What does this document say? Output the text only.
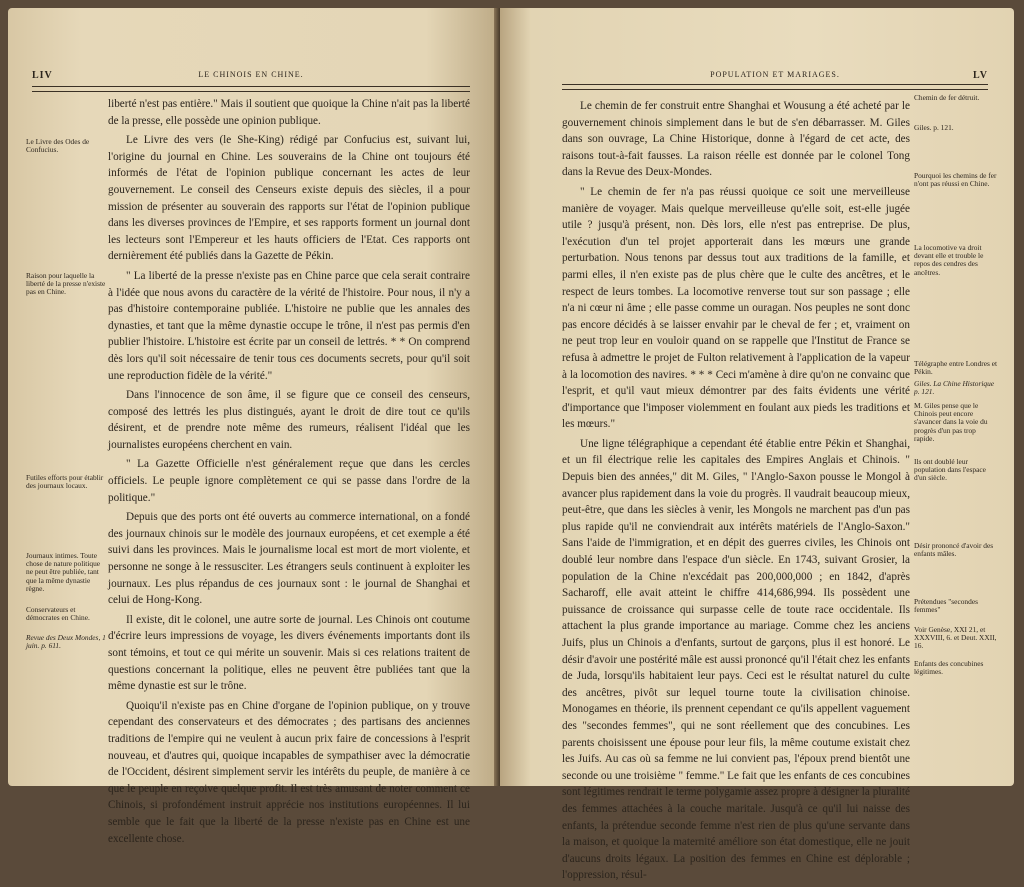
LIV	LE CHINOIS EN CHINE.
Le Livre des Odes de Confucius.
Raison pour laquelle la liberté de la presse n'existe pas en Chine.
Futiles efforts pour établir des journaux locaux.
Journaux intimes. Toute chose de nature politique ne peut être publiée, tant que la même dynastie règne.
Conservateurs et démocrates en Chine.
Revue des Deux Mondes, 1 juin. p. 611.

liberté n'est pas entière." Mais il soutient que quoique la Chine n'ait pas la liberté de la presse, elle possède une opinion publique.

Le Livre des vers (le She-King) rédigé par Confucius est, suivant lui, l'origine du journal en Chine. Les souverains de la Chine ont toujours été informés de l'état de l'opinion publique concernant les actes de leur gouvernement. Le conseil des Censeurs existe depuis des siècles, il a pour mission de présenter au souverain des rapports sur l'état de l'opinion publique dans les diverses provinces de l'Empire, et ses rapports forment un journal dont les lecteurs sont l'Empereur et les hauts officiers de l'Etat. Ces rapports ont dernièrement été publiés dans la Gazette de Pékin.

" La liberté de la presse n'existe pas en Chine parce que cela serait contraire à l'idée que nous avons du caractère de la vérité de l'histoire. Pour nous, il n'y a pas d'histoire contemporaine publiée. L'histoire ne publie que les annales des dynasties, et tant que la même dynastie occupe le trône, il n'est pas permis d'en publier l'histoire. L'histoire est écrite par un conseil de lettrés. * * On comprend dès lors qu'il soit nécessaire de tenir tous ces documents secrets, pour qu'il soit une reproduction fidèle de la vérité."

Dans l'innocence de son âme, il se figure que ce conseil des censeurs, composé des lettrés les plus distingués, ayant le droit de dire tout ce qu'ils désirent, et de prendre note même des rumeurs, réalisent l'idéal que les journalistes européens cherchent en vain.

" La Gazette Officielle n'est généralement reçue que dans les cercles officiels. Le peuple ignore complètement ce qui se passe dans l'ordre de la politique."

Depuis que des ports ont été ouverts au commerce international, on a fondé des journaux chinois sur le modèle des journaux européens, et cet exemple a été suivi dans les provinces. Mais le journalisme local est mort de mort violente, et personne ne songe à le ressusciter. Les étrangers seuls continuent à exploiter les journaux. Les plus répandus de ces journaux sont : le journal de Shanghai et celui de Hong-Kong.

Il existe, dit le colonel, une autre sorte de journal. Les Chinois ont coutume d'écrire leurs impressions de voyage, les divers événements importants dont ils sont témoins, et tout ce qui mérite un souvenir. Mais si ces relations traitent de questions concernant la politique, elles ne peuvent être publiées tant que la même dynastie est sur le trône.

Quoiqu'il n'existe pas en Chine d'organe de l'opinion publique, on y trouve cependant des conservateurs et des démocrates ; des partisans des anciennes traditions de l'empire qui ne veulent à aucun prix faire de concessions à l'esprit nouveau, et d'autres qui, quoique incapables de sympathiser avec la démocratie de l'Occident, désirent simplement servir les intérêts du peuple, de manière à ce que le peuple en reçoive quelque profit. Il est très amusant de noter comment ce Chinois, si profondément instruit apprécie nos institutions européennes. Il lui semble que le fait que la liberté de la presse n'existe pas en Chine est une excellente chose.

POPULATION ET MARIAGES.	LV
Chemin de fer détruit.
Giles. p. 121.
Pourquoi les chemins de fer n'ont pas réussi en Chine.
La locomotive va droit devant elle et trouble le repos des cendres des ancêtres.
Télégraphe entre Londres et Pékin.
Giles. La Chine Historique p. 121.
M. Giles pense que le Chinois peut encore s'avancer dans la voie du progrès d'un pas trop rapide.
Ils ont doublé leur population dans l'espace d'un siècle.
Désir prononcé d'avoir des enfants mâles.
Prétendues "secondes femmes"
Voir Genèse, XXI 21, et XXXVIII, 6. et Deut. XXII, 16.
Enfants des concubines légitimes.

Le chemin de fer construit entre Shanghai et Wousung a été acheté par le gouvernement chinois simplement dans le but de s'en débarrasser. M. Giles dans son ouvrage, La Chine Historique, donne à l'égard de cet acte, des raisons tout-à-fait fausses. La raison réelle est donnée par le colonel Tong dans la Revue des Deux-Mondes.

" Le chemin de fer n'a pas réussi quoique ce soit une merveilleuse manière de voyager. Mais quelque merveilleuse qu'elle soit, est-elle jugée utile ? jusqu'à présent, non. Dès lors, elle n'est pas entreprise. De plus, l'exécution d'un tel projet apporterait dans les mœurs une grande perturbation. Nous tenons par dessus tout aux traditions de la famille, et parmi elles, il n'en existe pas de plus chère que le culte des ancêtres, et le respect de leurs tombes. La locomotive renverse tout sur son passage ; elle n'a ni cœur ni âme ; elle passe comme un ouragan. Nos peuples ne sont donc pas encore décidés à se laisser envahir par le cheval de fer ; et, vraiment on ne peut trop leur en vouloir quand on se rappelle que l'Institut de France se refusa à admettre le projet de Fulton relativement à l'application de la vapeur à la locomotion des navires. * * * Ceci m'amène à dire qu'on ne convainc que l'esprit, et qu'il vaut mieux démontrer par des faits évidents une vérité d'importance que l'imposer violemment en foulant aux pieds les traditions et les mœurs."

Une ligne télégraphique a cependant été établie entre Pékin et Shanghai, et un fil électrique relie les capitales des Empires Anglais et Chinois. " Depuis bien des années," dit M. Giles, " l'Anglo-Saxon pousse le Mongol à avancer plus rapidement dans la voie du progrès. Il vaudrait beaucoup mieux, peut-être, que dans les siècles à venir, les Mongols ne marchent pas d'un pas plus rapide qu'il ne conviendrait aux intérêts matériels de l'Anglo-Saxon." Sans l'aide de l'immigration, et en dépit des guerres civiles, les Chinois ont doublé leur nombre dans l'espace d'un siècle. En 1743, suivant Grosier, la population de la Chine n'excédait pas 200,000,000 ; en 1842, d'après Sacharoff, elle avait atteint le chiffre 414,686,994. Ils possèdent une puissance de croissance qui surpasse celle de toute race occidentale. Ils attachent la plus grande importance au mariage. Comme chez les anciens Juifs, plus un Chinois a d'enfants, surtout de garçons, plus il est honoré. Le désir d'avoir une postérité mâle est aussi prononcé qu'il l'était chez les enfants de Juda, lorsqu'ils habitaient leur pays. Ceci est le résultat naturel du culte des ancêtres, pivôt sur lequel tourne toute la civilisation chinoise. Monogames en théorie, ils prennent cependant ce qu'ils appellent vaguement des "secondes femmes", qui ne sont réellement que des concubines. Les parents choisissent une épouse pour leur fils, la même coutume existait chez les Juifs. Au cas où sa femme ne lui convient pas, l'époux prend bientôt une seconde ou une troisième " femme." Le fait que les enfants de ces concubines sont légitimes rendrait le terme polygamie assez propre à désigner la pluralité des femmes attachées à la couche maritale. Jusqu'à ce qu'il lui naisse des enfants, la prétendue seconde femme n'est rien de plus qu'une servante dans la maison, et quoique la maternité améliore son état domestique, elle ne jouit d'aucuns droits légaux. La position des femmes en Chine est déplorable ; l'oppression, résul-
